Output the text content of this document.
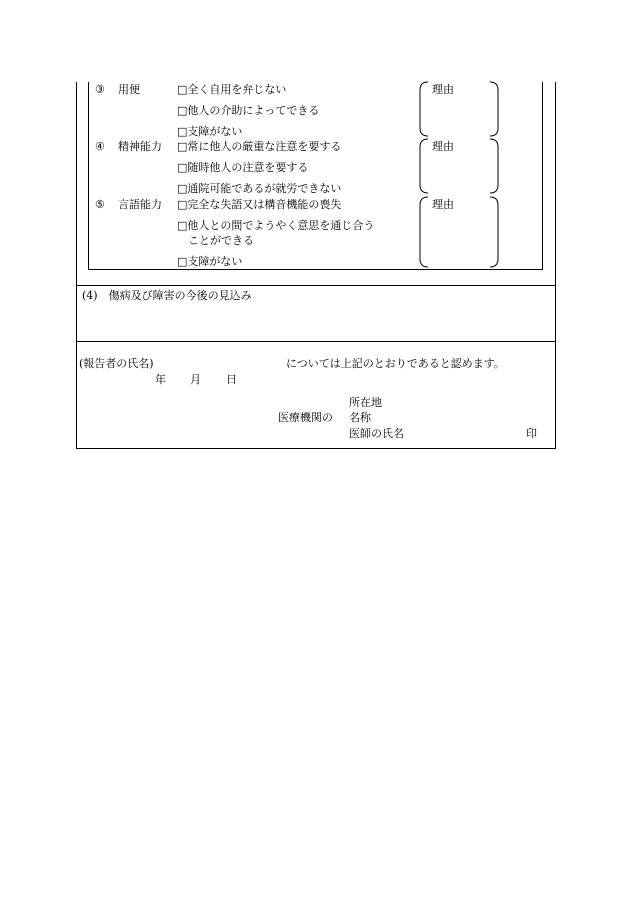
③ 用便	□全く自用を弁じない
□他人の介助によってできる
□支障がない
理由
④ 精神能力 □常に他人の厳重な注意を要する
□随時他人の注意を要する
□通院可能であるが就労できない
理由
⑤ 言語能力 □完全な失語又は構音機能の喪失
□他人との間でようやく意思を通じ合う
ことができる
□支障がない
理由
(4)　傷病及び障害の今後の見込み
(報告者の氏名)	については上記のとおりであると認めます。
年 月 日
所在地
医療機関の 名称
医師の氏名	印
